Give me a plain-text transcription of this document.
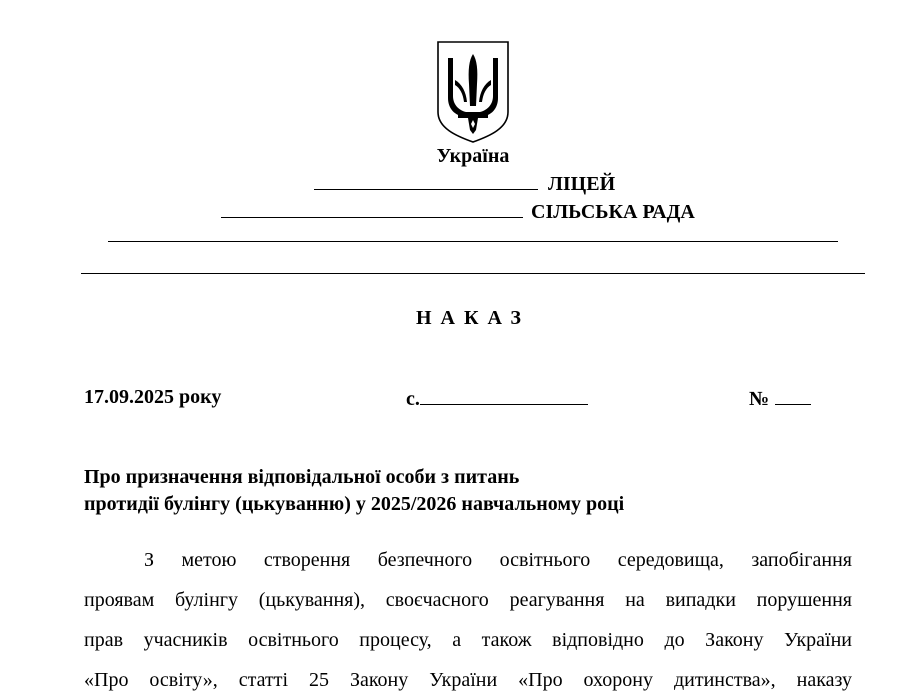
Україна
ЛІЦЕЙ
СІЛЬСЬКА РАДА
НАКАЗ
17.09.2025 року	с.	№
Про призначення відповідальної особи з питань
протидії булінгу (цькуванню) у 2025/2026 навчальному році
З метою створення безпечного освітнього середовища, запобігання
проявам булінгу (цькування), своєчасного реагування на випадки порушення
прав учасників освітнього процесу, а також відповідно до Закону України
«Про освіту», статті 25 Закону України «Про охорону дитинства», наказу
